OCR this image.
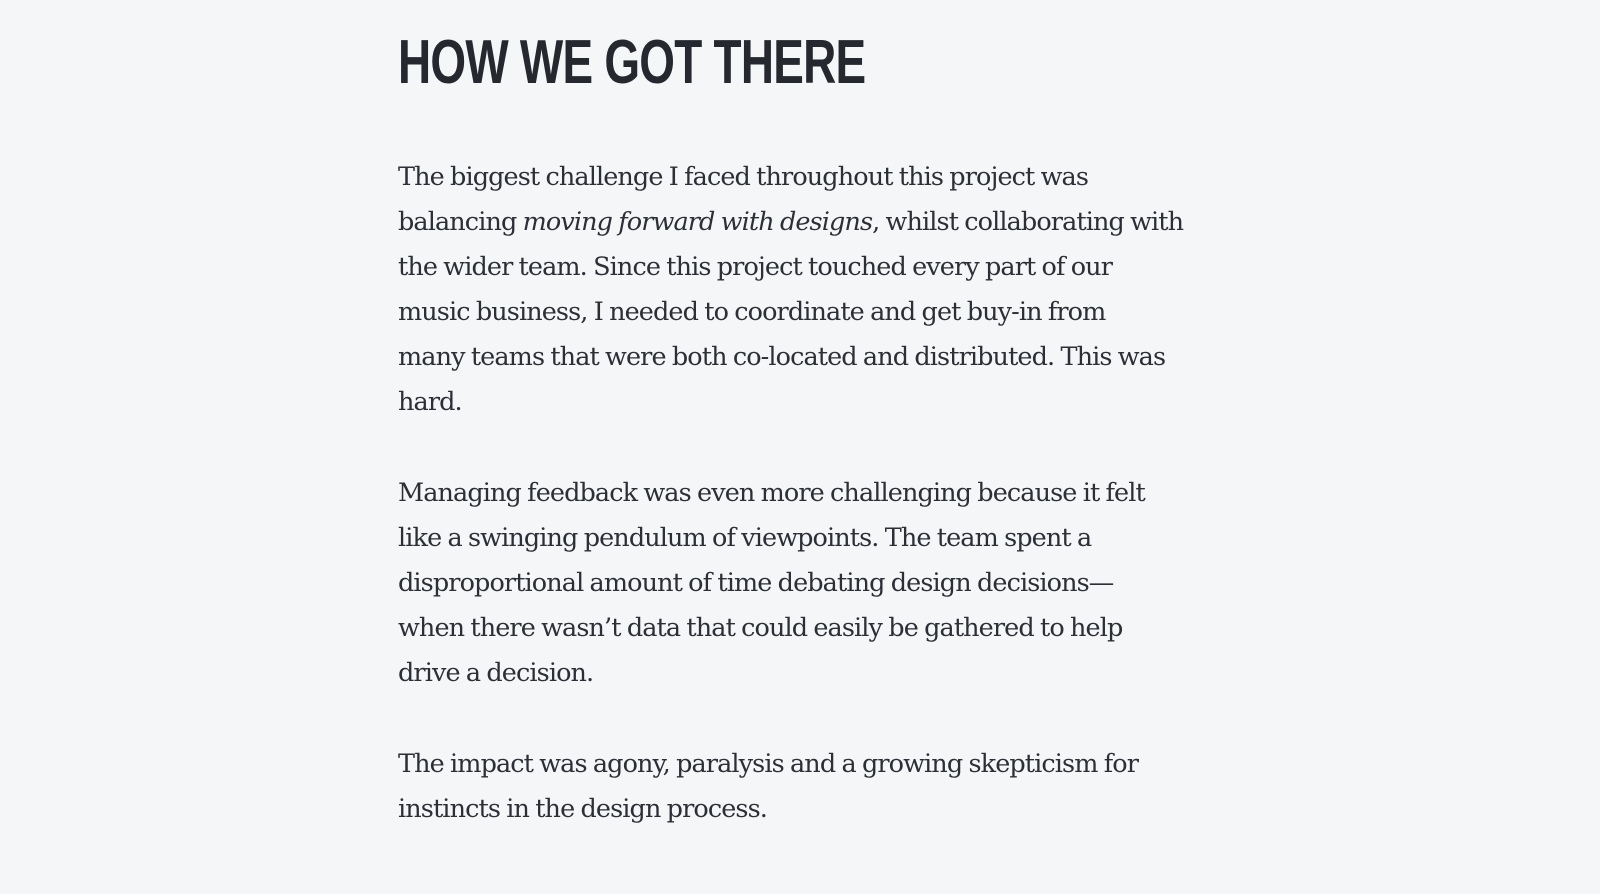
HOW WE GOT THERE

The biggest challenge I faced throughout this project was
balancing moving forward with designs, whilst collaborating with
the wider team. Since this project touched every part of our
music business, I needed to coordinate and get buy-in from
many teams that were both co-located and distributed. This was
hard.

Managing feedback was even more challenging because it felt
like a swinging pendulum of viewpoints. The team spent a
disproportional amount of time debating design decisions—
when there wasn’t data that could easily be gathered to help
drive a decision.

The impact was agony, paralysis and a growing skepticism for
instincts in the design process.
